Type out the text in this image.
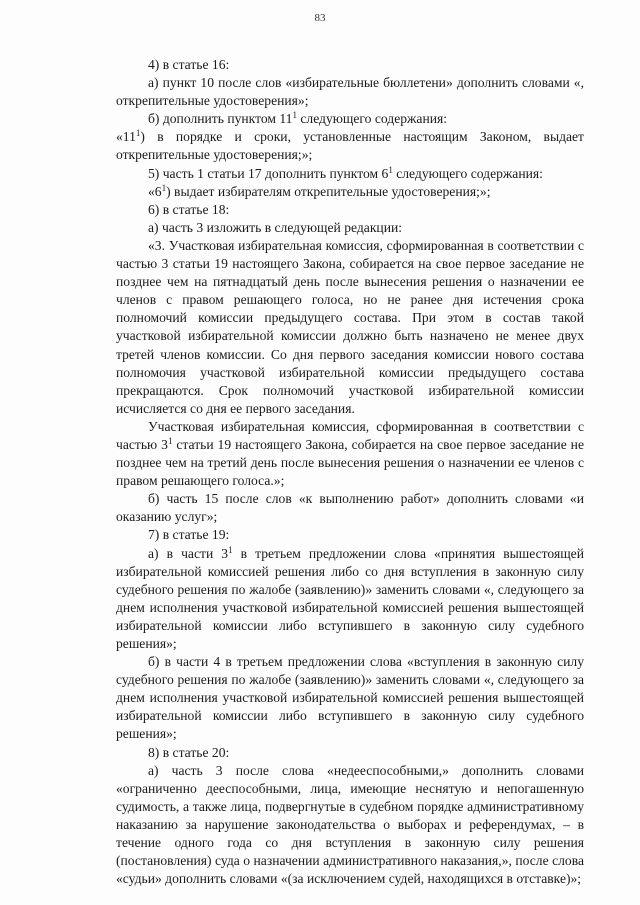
83

4) в статье 16:

а) пункт 10 после слов «избирательные бюллетени» дополнить словами «, открепительные удостоверения»;

б) дополнить пунктом $11^1$ следующего содержания:

«$11^1$) в порядке и сроки, установленные настоящим Законом, выдает открепительные удостоверения;»;

5) часть 1 статьи 17 дополнить пунктом $6^1$ следующего содержания:

«$6^1$) выдает избирателям открепительные удостоверения;»;

6) в статье 18:

а) часть 3 изложить в следующей редакции:

«3. Участковая избирательная комиссия, сформированная в соответствии с частью 3 статьи 19 настоящего Закона, собирается на свое первое заседание не позднее чем на пятнадцатый день после вынесения решения о назначении ее членов с правом решающего голоса, но не ранее дня истечения срока полномочий комиссии предыдущего состава. При этом в состав такой участковой избирательной комиссии должно быть назначено не менее двух третей членов комиссии. Со дня первого заседания комиссии нового состава полномочия участковой избирательной комиссии предыдущего состава прекращаются. Срок полномочий участковой избирательной комиссии исчисляется со дня ее первого заседания.

Участковая избирательная комиссия, сформированная в соответствии с частью $3^1$ статьи 19 настоящего Закона, собирается на свое первое заседание не позднее чем на третий день после вынесения решения о назначении ее членов с правом решающего голоса.»;

б) часть 15 после слов «к выполнению работ» дополнить словами «и оказанию услуг»;

7) в статье 19:

а) в части $3^1$ в третьем предложении слова «принятия вышестоящей избирательной комиссией решения либо со дня вступления в законную силу судебного решения по жалобе (заявлению)» заменить словами «, следующего за днем исполнения участковой избирательной комиссией решения вышестоящей избирательной комиссии либо вступившего в законную силу судебного решения»;

б) в части 4 в третьем предложении слова «вступления в законную силу судебного решения по жалобе (заявлению)» заменить словами «, следующего за днем исполнения участковой избирательной комиссией решения вышестоящей избирательной комиссии либо вступившего в законную силу судебного решения»;

8) в статье 20:

а) часть 3 после слова «недееспособными,» дополнить словами «ограниченно дееспособными, лица, имеющие неснятую и непогашенную судимость, а также лица, подвергнутые в судебном порядке административному наказанию за нарушение законодательства о выборах и референдумах, – в течение одного года со дня вступления в законную силу решения (постановления) суда о назначении административного наказания,», после слова «судьи» дополнить словами «(за исключением судей, находящихся в отставке)»;
